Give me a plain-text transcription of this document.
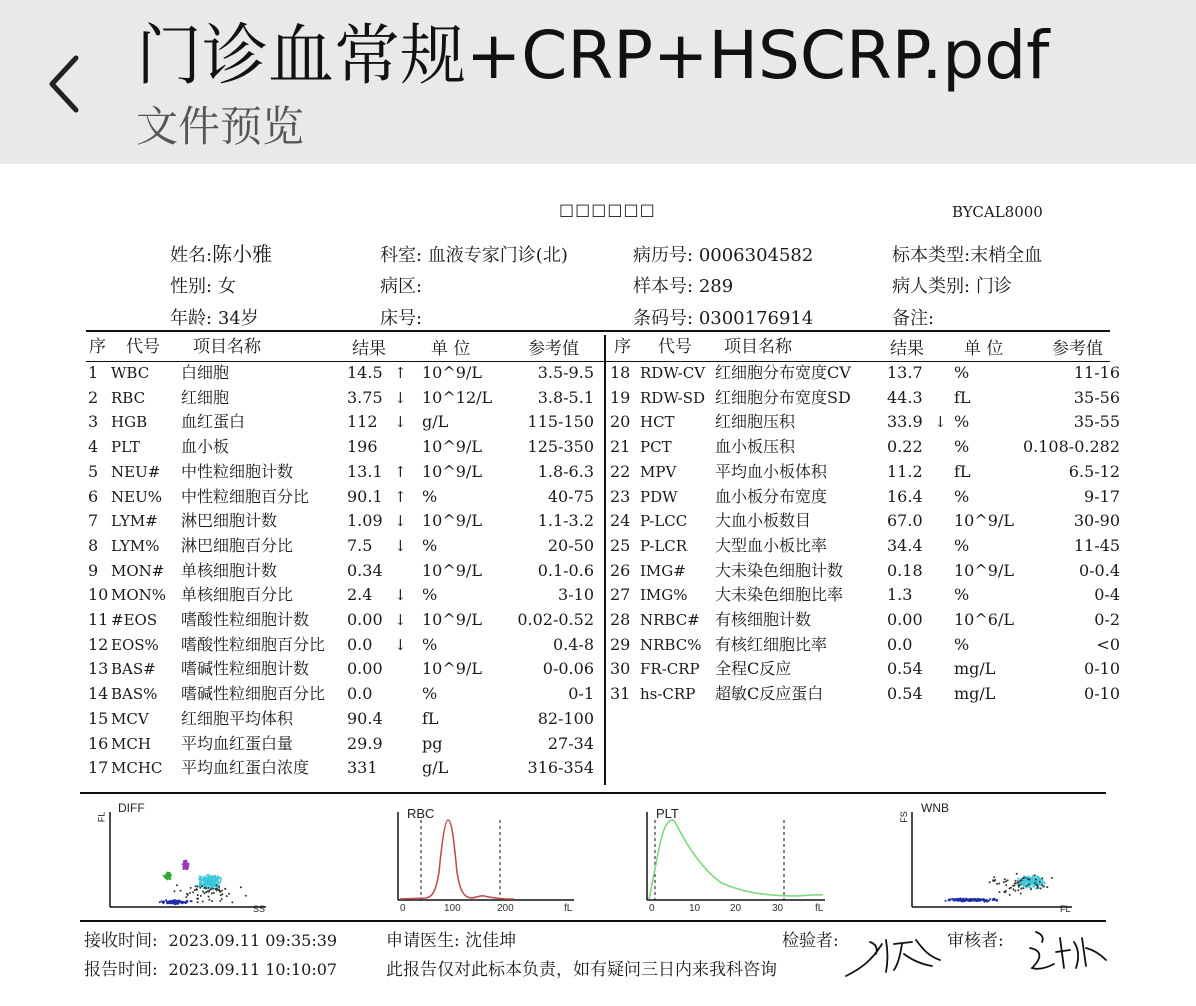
门诊血常规+CRP+HSCRP.pdf
文件预览
□□□□□□	BYCAL8000
姓名:陈小雅
性别: 女
年龄: 34岁
科室: 血液专家门诊(北)
病区:
床号:
病历号: 0006304582
样本号: 289
条码号: 0300176914
标本类型:末梢全血
病人类别: 门诊
备注:
序 代号 项目名称	结果	单 位	参考值 序 代号 项目名称	结果 单 位	参考值
1 WBC 白细胞	14.5 ↑ 10^9/L	3.5-9.5
2 RBC 红细胞	3.75 ↓ 10^12/L	3.8-5.1
3 HGB 血红蛋白	112 ↓ g/L	115-150
4 PLT	血小板	196	10^9/L	125-350
5 NEU# 中性粒细胞计数	13.1 ↑ 10^9/L	1.8-6.3
6 NEU% 中性粒细胞百分比 90.1 ↑ %	40-75
7 LYM# 淋巴细胞计数	1.09 ↓ 10^9/L	1.1-3.2
8 LYM% 淋巴细胞百分比	7.5 ↓ %	20-50
9 MON# 单核细胞计数	0.34 10^9/L	0.1-0.6
10 MON% 单核细胞百分比	2.4 ↓ %	3-10
11 #EOS 嗜酸性粒细胞计数 0.00 ↓ 10^9/L 0.02-0.52
12 EOS% 嗜酸性粒细胞百分比 0.0 ↓ %	0.4-8
13 BAS# 嗜碱性粒细胞计数 0.00 10^9/L	0-0.06
14 BAS% 嗜碱性粒细胞百分比 0.0	%	0-1
15 MCV 红细胞平均体积	90.4 fL	82-100
16 MCH 平均血红蛋白量	29.9 pg	27-34
17 MCHC 平均血红蛋白浓度 331	g/L	316-354
18 RDW-CV 红细胞分布宽度CV 13.7 %	11-16
19 RDW-SD 红细胞分布宽度SD 44.3 fL	35-56
20 HCT	红细胞压积	33.9 ↓ %	35-55
21 PCT	血小板压积	0.22 %	0.108-0.282
22 MPV 平均血小板体积	11.2 fL	6.5-12
23 PDW 血小板分布宽度	16.4 %	9-17
24 P-LCC 大血小板数目	67.0 10^9/L	30-90
25 P-LCR 大型血小板比率	34.4 %	11-45
26 IMG# 大未染色细胞计数	0.18 10^9/L	0-0.4
27 IMG% 大未染色细胞比率	1.3	%	0-4
28 NRBC# 有核细胞计数	0.00 10^6/L	0-2
29 NRBC% 有核红细胞比率	0.0	%	<0
30 FR-CRP 全程C反应	0.54 mg/L	0-10
31 hs-CRP 超敏C反应蛋白	0.54 mg/L	0-10
DIFF
FL
SS
RBC
0	100	200	fL
PLT
0	10	20	30	fL
WNB
FS
FL
接收时间: 2023.09.11 09:35:39
报告时间: 2023.09.11 10:10:07
申请医生: 沈佳坤
此报告仅对此标本负责，如有疑问三日内来我科咨询
检验者:	审核者:
